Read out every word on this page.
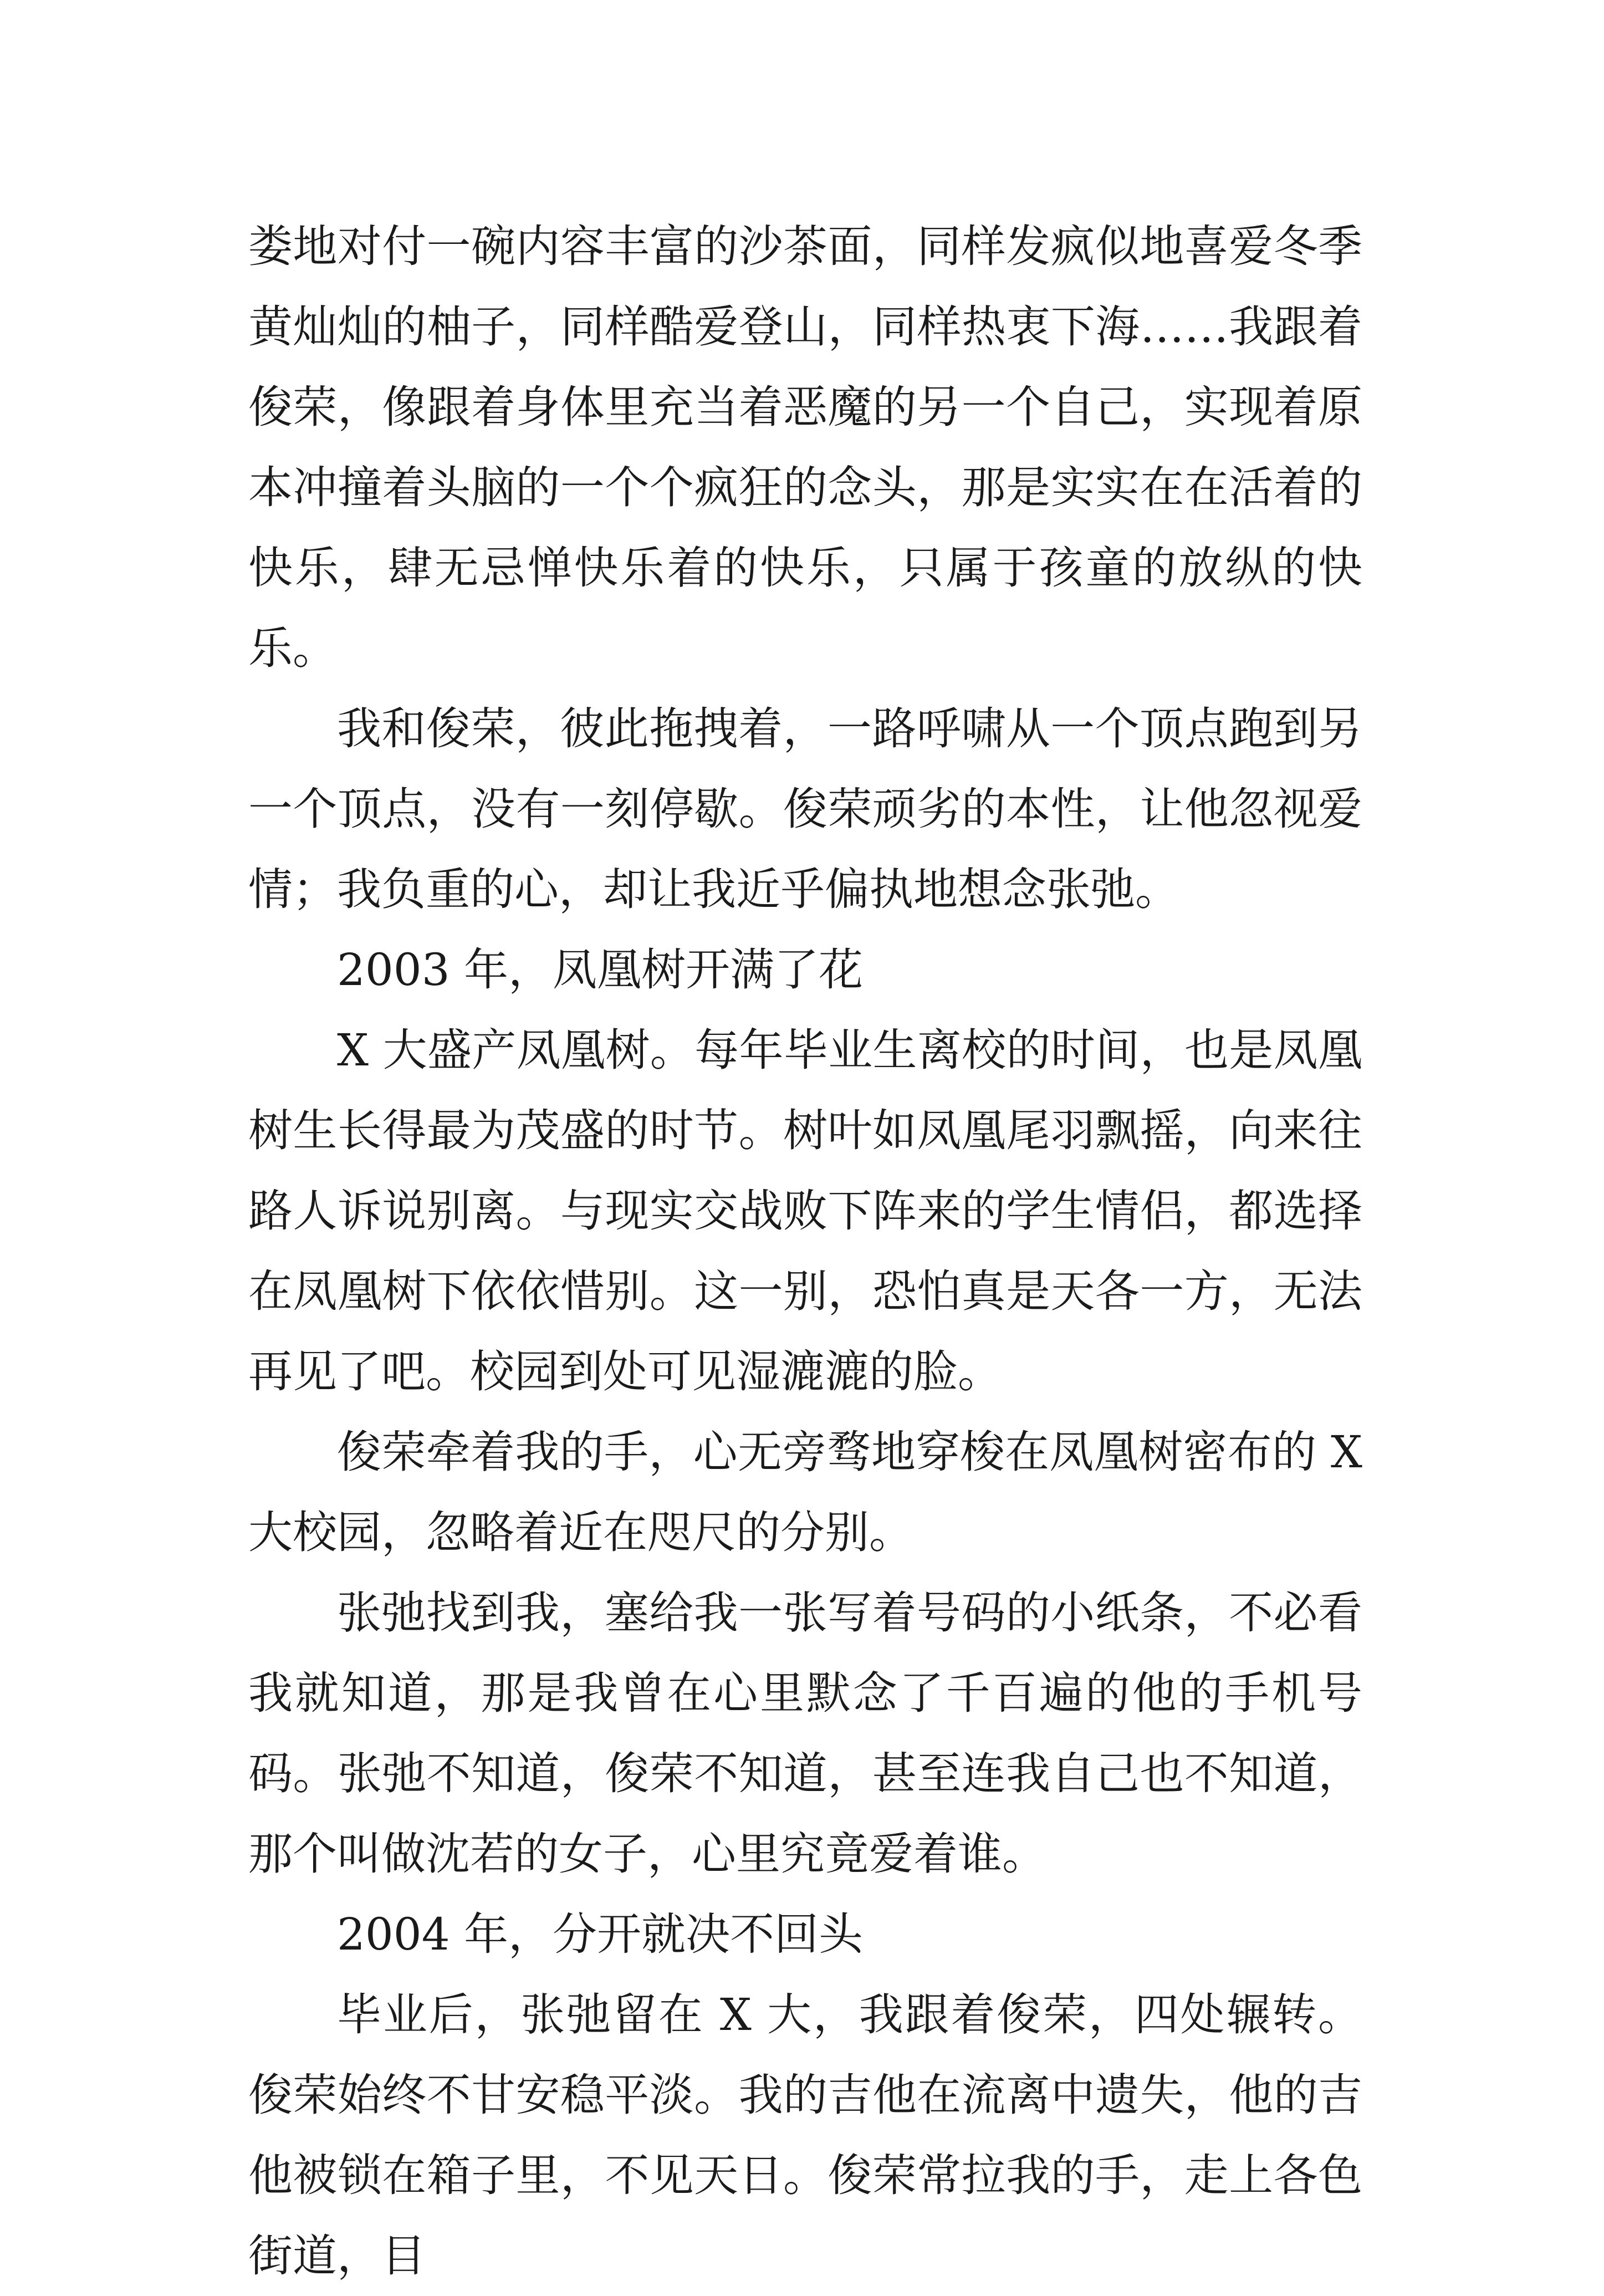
娄地对付一碗内容丰富的沙茶面，同样发疯似地喜爱冬季黄灿灿的柚子，同样酷爱登山，同样热衷下海……我跟着俊荣，像跟着身体里充当着恶魔的另一个自己，实现着原本冲撞着头脑的一个个疯狂的念头，那是实实在在活着的快乐，肆无忌惮快乐着的快乐，只属于孩童的放纵的快乐。

我和俊荣，彼此拖拽着，一路呼啸从一个顶点跑到另一个顶点，没有一刻停歇。俊荣顽劣的本性，让他忽视爱情；我负重的心，却让我近乎偏执地想念张弛。

2003 年，凤凰树开满了花

X 大盛产凤凰树。每年毕业生离校的时间，也是凤凰树生长得最为茂盛的时节。树叶如凤凰尾羽飘摇，向来往路人诉说别离。与现实交战败下阵来的学生情侣，都选择在凤凰树下依依惜别。这一别，恐怕真是天各一方，无法再见了吧。校园到处可见湿漉漉的脸。

俊荣牵着我的手，心无旁骛地穿梭在凤凰树密布的 X 大校园，忽略着近在咫尺的分别。

张弛找到我，塞给我一张写着号码的小纸条，不必看我就知道，那是我曾在心里默念了千百遍的他的手机号码。张弛不知道，俊荣不知道，甚至连我自己也不知道，那个叫做沈若的女子，心里究竟爱着谁。

2004 年，分开就决不回头

毕业后，张弛留在 X 大，我跟着俊荣，四处辗转。俊荣始终不甘安稳平淡。我的吉他在流离中遗失，他的吉他被锁在箱子里，不见天日。俊荣常拉我的手，走上各色街道，目
